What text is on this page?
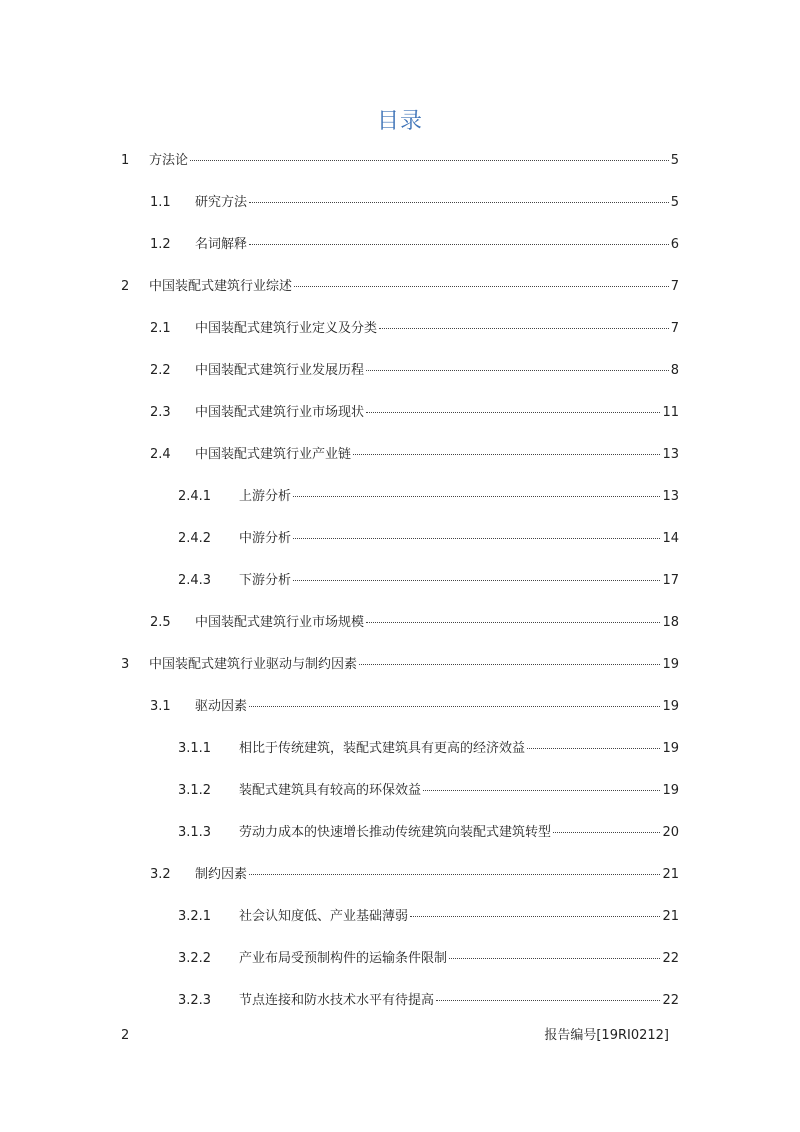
目录
1	方法论	5
1.1	研究方法	5
1.2	名词解释	6
2	中国装配式建筑行业综述	7
2.1	中国装配式建筑行业定义及分类	7
2.2	中国装配式建筑行业发展历程	8
2.3	中国装配式建筑行业市场现状	11
2.4	中国装配式建筑行业产业链	13
2.4.1	上游分析	13
2.4.2	中游分析	14
2.4.3	下游分析	17
2.5	中国装配式建筑行业市场规模	18
3	中国装配式建筑行业驱动与制约因素	19
3.1	驱动因素	19
3.1.1	相比于传统建筑，装配式建筑具有更高的经济效益	19
3.1.2	装配式建筑具有较高的环保效益	19
3.1.3	劳动力成本的快速增长推动传统建筑向装配式建筑转型	20
3.2	制约因素	21
3.2.1	社会认知度低、产业基础薄弱	21
3.2.2	产业布局受预制构件的运输条件限制	22
3.2.3	节点连接和防水技术水平有待提高	22
2	报告编号[19RI0212]
